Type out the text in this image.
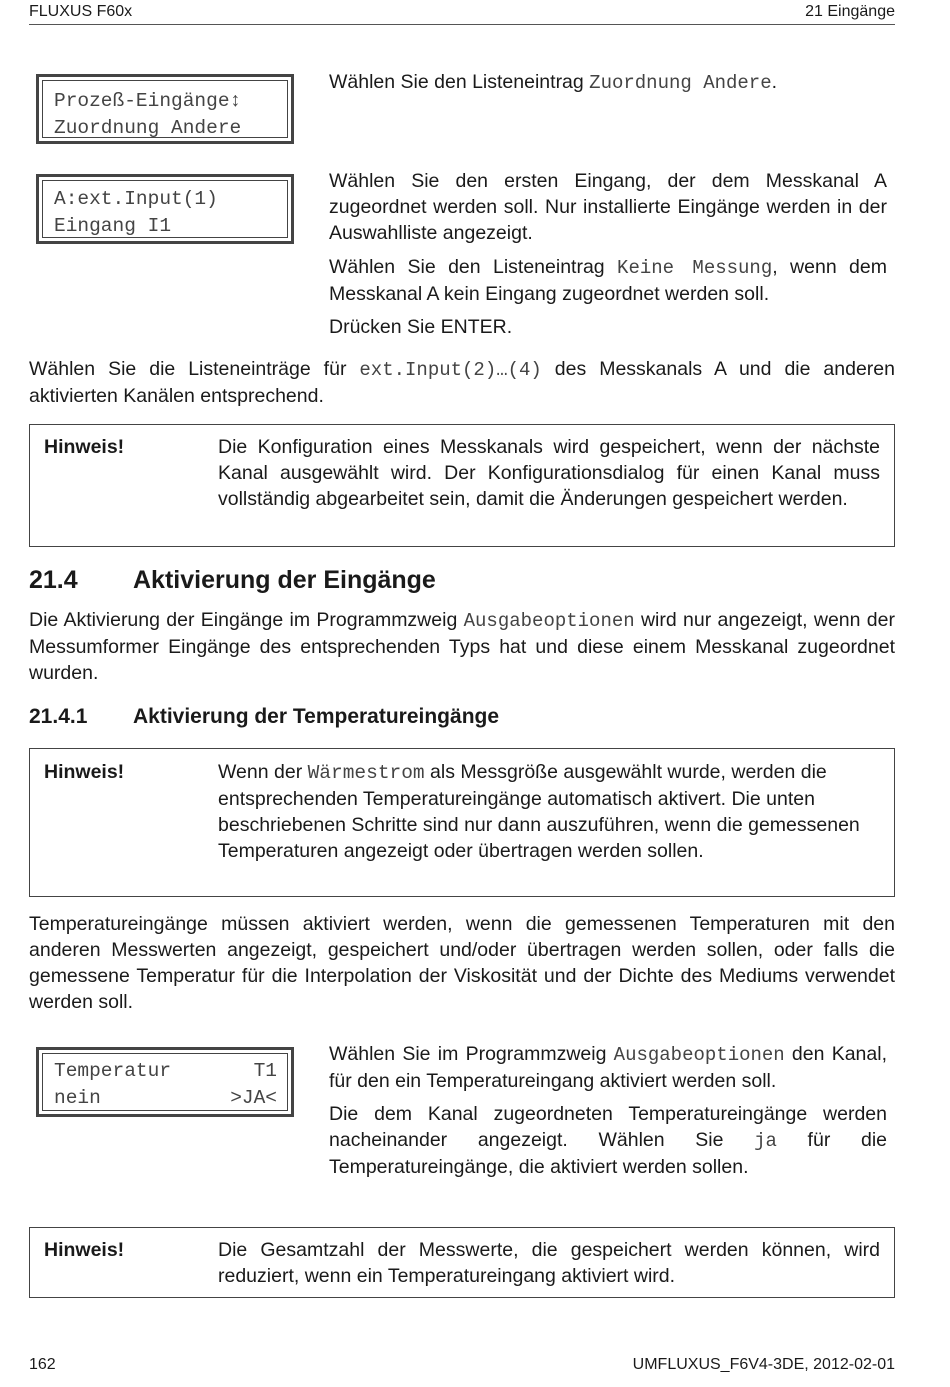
FLUXUS F60x	21 Eingänge
Prozeß-Eingänge↕
Zuordnung Andere
Wählen Sie den Listeneintrag Zuordnung Andere.
A:ext.Input(1)
Eingang I1
Wählen Sie den ersten Eingang, der dem Messkanal A zugeordnet werden soll. Nur installierte Eingänge werden in der Auswahlliste angezeigt.
Wählen Sie den Listeneintrag Keine Messung, wenn dem Messkanal A kein Eingang zugeordnet werden soll.
Drücken Sie ENTER.
Wählen Sie die Listeneinträge für ext.Input(2)…(4) des Messkanals A und die anderen aktivierten Kanälen entsprechend.
Hinweis!	Die Konfiguration eines Messkanals wird gespeichert, wenn der nächste Kanal ausgewählt wird. Der Konfigurationsdialog für einen Kanal muss vollständig abgearbeitet sein, damit die Änderungen gespeichert werden.
21.4 Aktivierung der Eingänge
Die Aktivierung der Eingänge im Programmzweig Ausgabeoptionen wird nur angezeigt, wenn der Messumformer Eingänge des entsprechenden Typs hat und diese einem Messkanal zugeordnet wurden.
21.4.1 Aktivierung der Temperatureingänge
Hinweis!	Wenn der Wärmestrom als Messgröße ausgewählt wurde, werden die entsprechenden Temperatureingänge automatisch aktivert. Die unten beschriebenen Schritte sind nur dann auszuführen, wenn die gemessenen Temperaturen angezeigt oder übertragen werden sollen.
Temperatureingänge müssen aktiviert werden, wenn die gemessenen Temperaturen mit den anderen Messwerten angezeigt, gespeichert und/oder übertragen werden sollen, oder falls die gemessene Temperatur für die Interpolation der Viskosität und der Dichte des Mediums verwendet werden soll.
Temperatur	T1
nein	>JA<
Wählen Sie im Programmzweig Ausgabeoptionen den Kanal, für den ein Temperatureingang aktiviert werden soll.
Die dem Kanal zugeordneten Temperatureingänge werden nacheinander angezeigt. Wählen Sie ja für die Temperatureingänge, die aktiviert werden sollen.
Hinweis!	Die Gesamtzahl der Messwerte, die gespeichert werden können, wird reduziert, wenn ein Temperatureingang aktiviert wird.
162	UMFLUXUS_F6V4-3DE, 2012-02-01
